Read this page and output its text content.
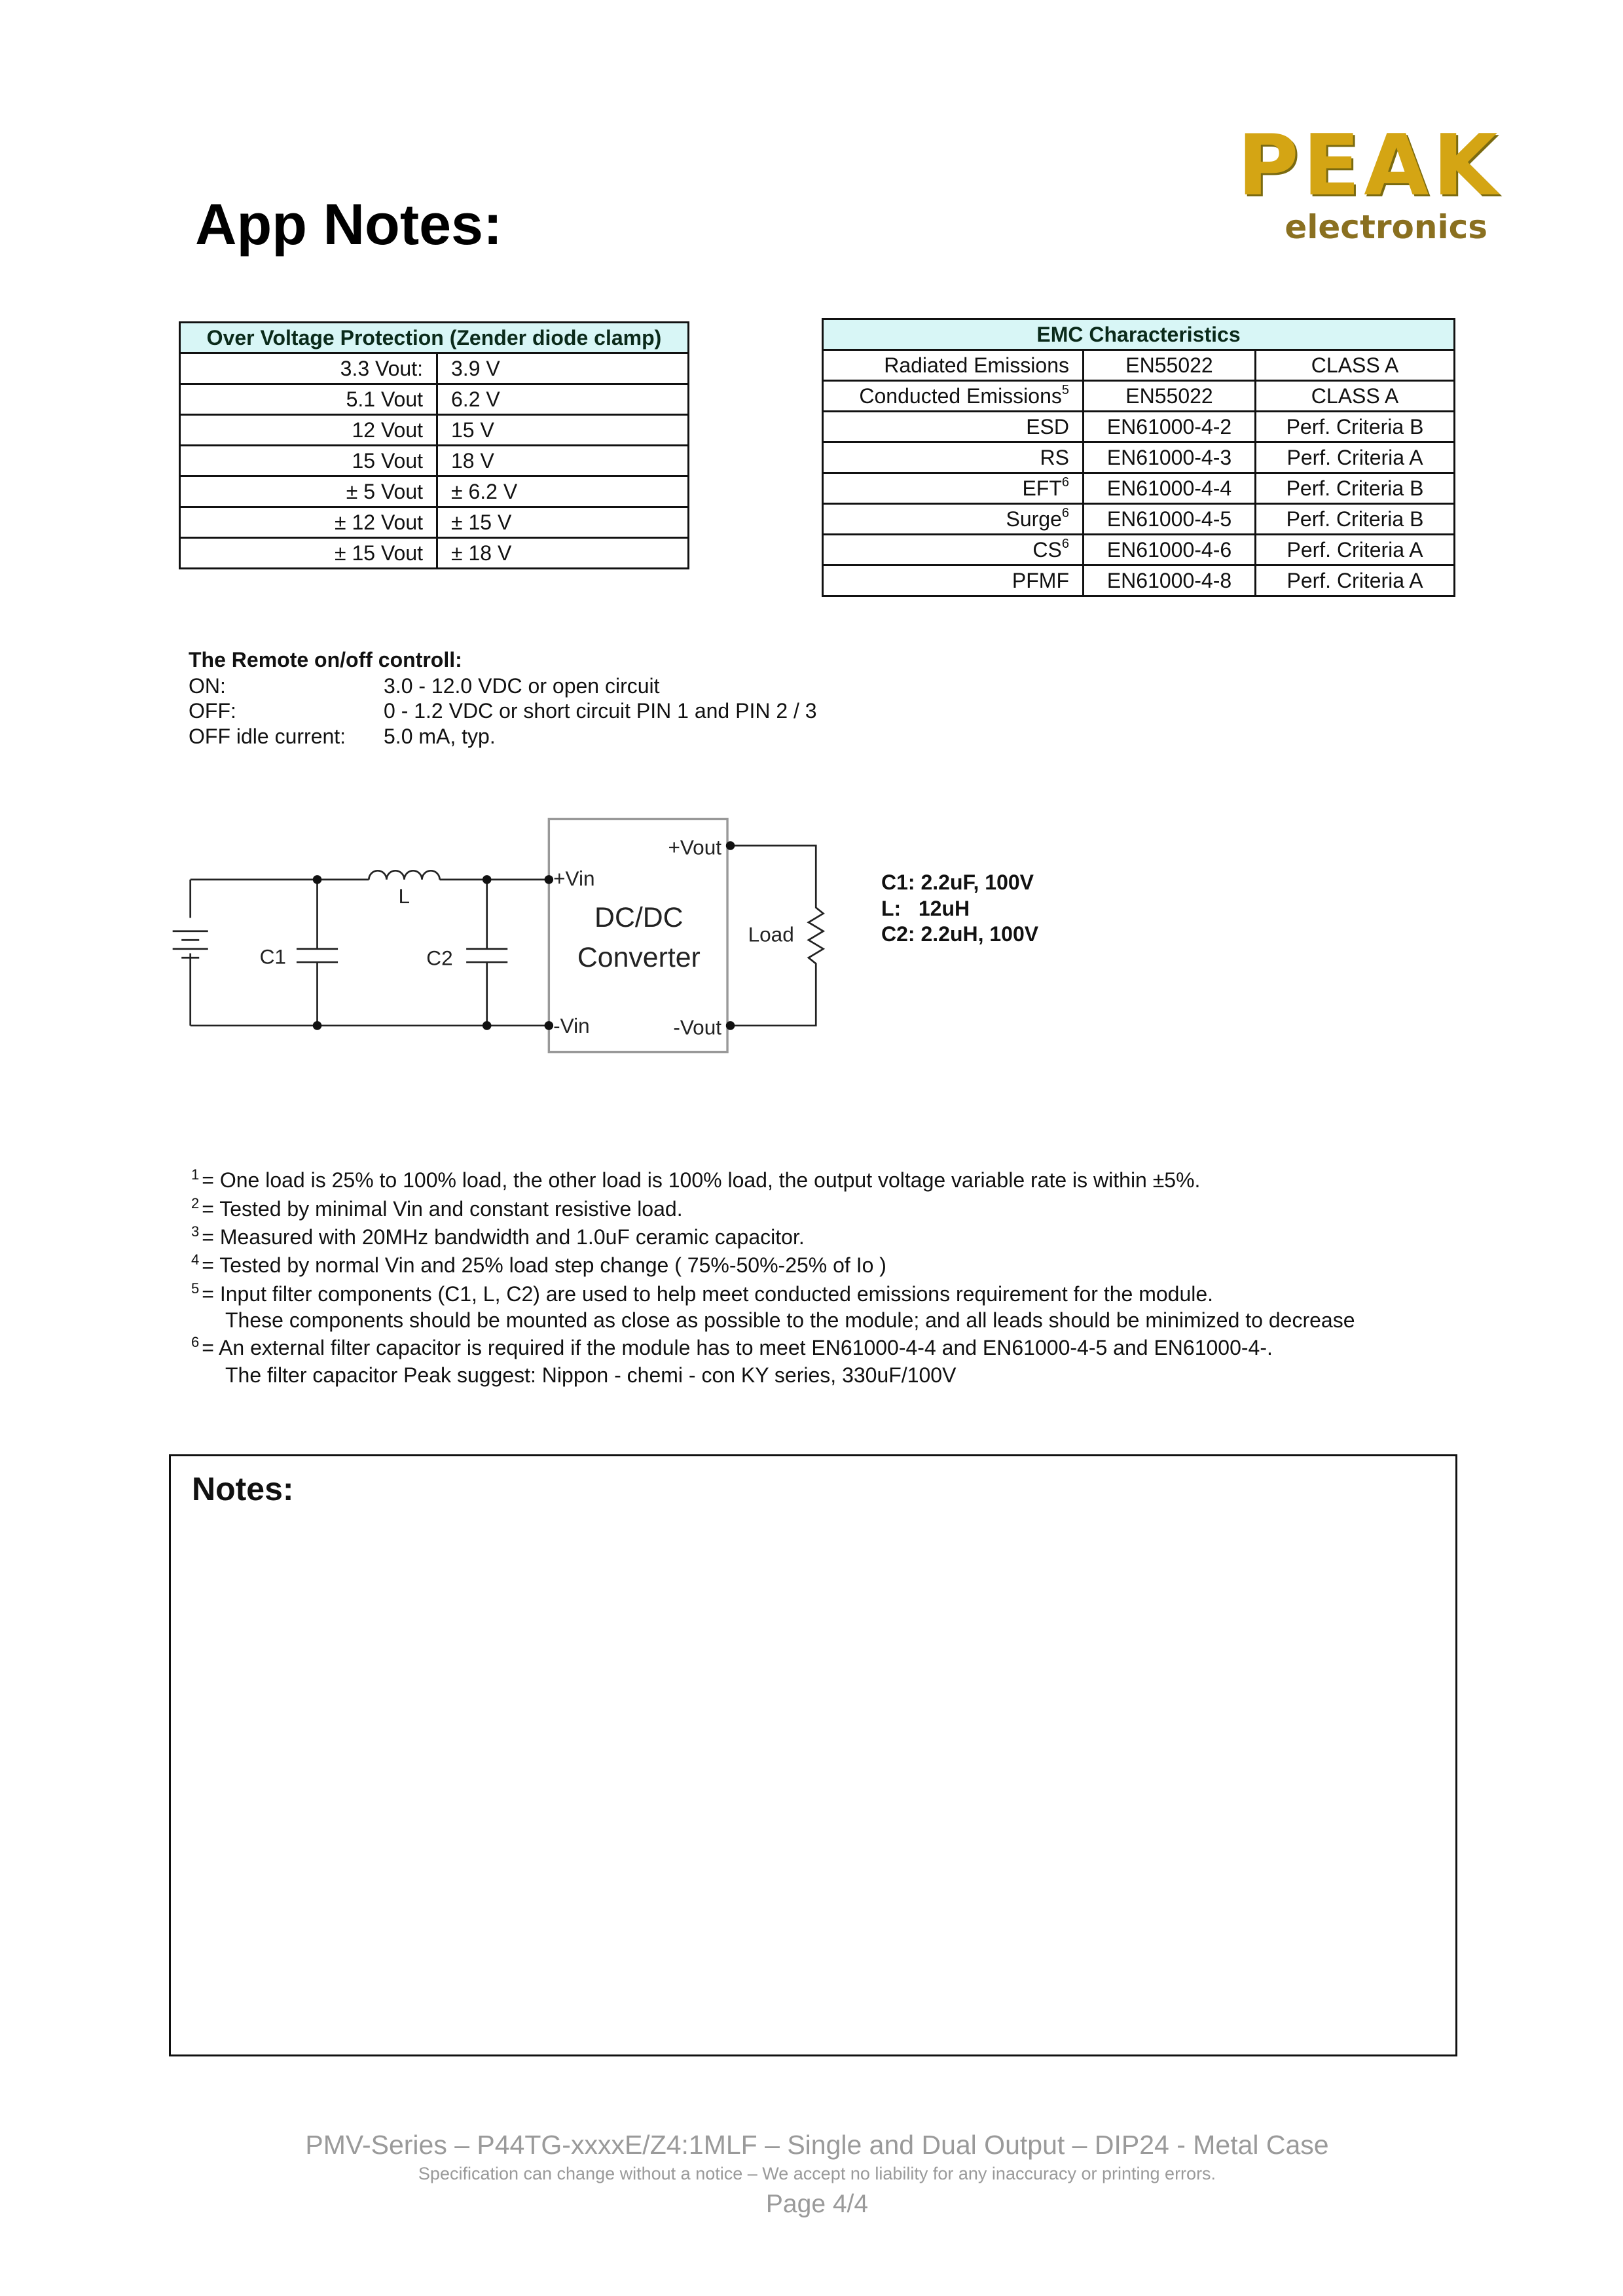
App Notes:
PEAK
electronics
Over Voltage Protection (Zender diode clamp)	
3.3 Vout:	3.9 V
5.1 Vout	6.2 V
12 Vout	15 V
15 Vout	18 V
± 5 Vout	± 6.2 V
± 12 Vout	± 15 V
± 15 Vout	± 18 V
EMC Characteristics		
Radiated Emissions	EN55022	CLASS A
Conducted Emissions$^5$	EN55022	CLASS A
ESD	EN61000-4-2	Perf. Criteria B
RS	EN61000-4-3	Perf. Criteria A
EFT$^6$	EN61000-4-4	Perf. Criteria B
Surge$^6$	EN61000-4-5	Perf. Criteria B
$CS^6$	EN61000-4-6	Perf. Criteria A
PFMF	EN61000-4-8	Perf. Criteria A
The Remote on/off controll:
ON:	3.0 - 12.0 VDC or open circuit
OFF:	0 - 1.2 VDC or short circuit PIN 1 and PIN 2 / 3
OFF idle current: 5.0 mA, typ.
+Vin
-Vin
+Vout
-Vout
DC/DC
Converter
Load
C1	C2
L
C1: 2.2uF, 100V
L:   12uH
C2: 2.2uH, 100V
$^1$ = One load is 25% to 100% load, the other load is 100% load, the output voltage variable rate is within ±5%.
$^2$ = Tested by minimal Vin and constant resistive load.
$^3$ = Measured with 20MHz bandwidth and 1.0uF ceramic capacitor.
$^4$ = Tested by normal Vin and 25% load step change ( 75%-50%-25% of Io )
$^5$ = Input filter components (C1, L, C2) are used to help meet conducted emissions requirement for the module.
These components should be mounted as close as possible to the module; and all leads should be minimized to decrease
$^6$ = An external filter capacitor is required if the module has to meet EN61000-4-4 and EN61000-4-5 and EN61000-4-.
The filter capacitor Peak suggest: Nippon - chemi - con KY series, 330uF/100V
Notes:
PMV-Series – P44TG-xxxxE/Z4:1MLF – Single and Dual Output – DIP24 - Metal Case
Specification can change without a notice – We accept no liability for any inaccuracy or printing errors.
Page 4/4
